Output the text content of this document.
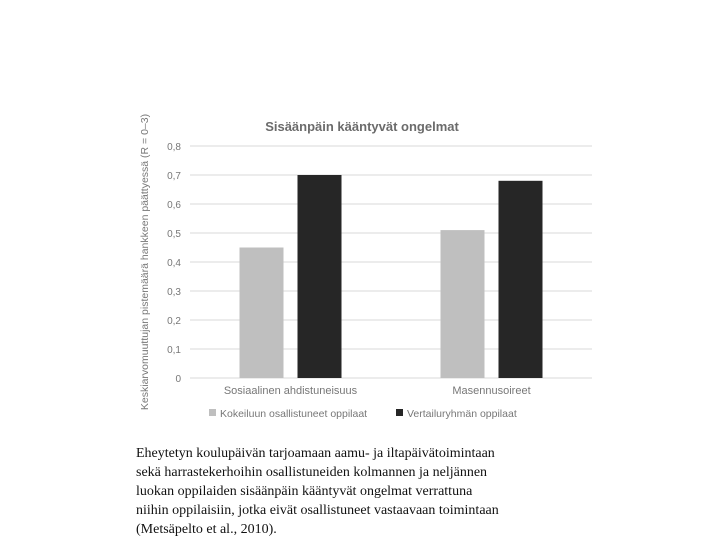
Sisäänpäin kääntyvät ongelmat
0
0,1
0,2
0,3
0,4
0,5
0,6
0,7
0,8
Sosiaalinen ahdistuneisuus	Masennusoireet
Keskiarvomuuttujan pistemäärä hankkeen päättyessä (R = 0–3)
Kokeiluun osallistuneet oppilaat	Vertailuryhmän oppilaat

Eheytetyn koulupäivän tarjoamaan aamu- ja iltapäivätoimintaan
sekä harrastekerhoihin osallistuneiden kolmannen ja neljännen
luokan oppilaiden sisäänpäin kääntyvät ongelmat verrattuna
niihin oppilaisiin, jotka eivät osallistuneet vastaavaan toimintaan
(Metsäpelto et al., 2010).
